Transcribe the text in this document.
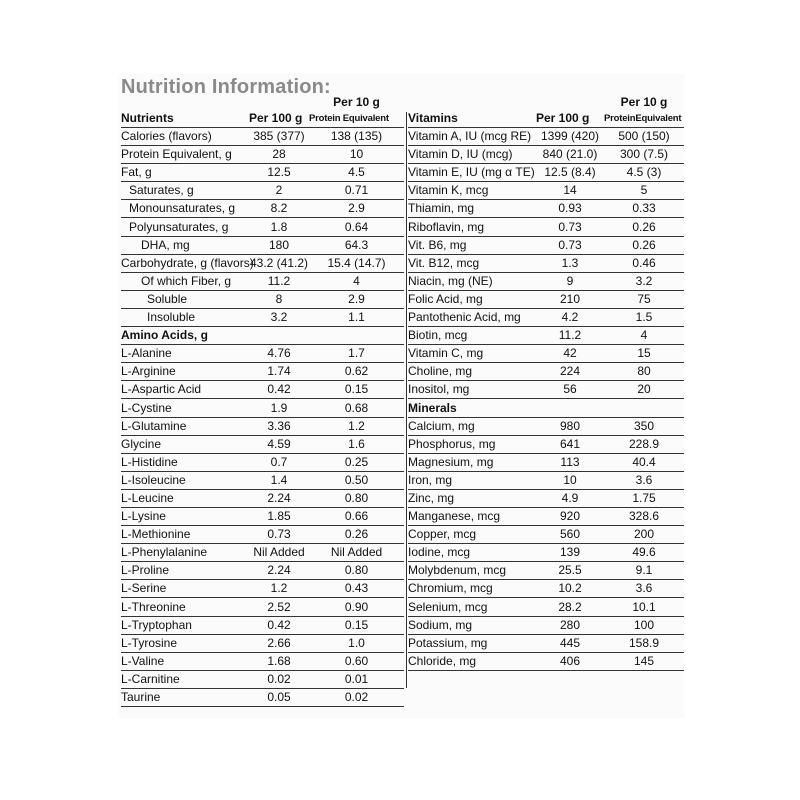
Nutrition Information:
		Per 10 g
Nutrients	Per 100 g	Protein Equivalent
Calories (flavors)	385 (377)	138 (135)
Protein Equivalent, g	28	10
Fat, g	12.5	4.5
Saturates, g	2	0.71
Monounsaturates, g	8.2	2.9
Polyunsaturates, g	1.8	0.64
DHA, mg	180	64.3
Carbohydrate, g (flavors)	43.2 (41.2)	15.4 (14.7)
Of which Fiber, g	11.2	4
Soluble	8	2.9
Insoluble	3.2	1.1
Amino Acids, g		
L-Alanine	4.76	1.7
L-Arginine	1.74	0.62
L-Aspartic Acid	0.42	0.15
L-Cystine	1.9	0.68
L-Glutamine	3.36	1.2
Glycine	4.59	1.6
L-Histidine	0.7	0.25
L-Isoleucine	1.4	0.50
L-Leucine	2.24	0.80
L-Lysine	1.85	0.66
L-Methionine	0.73	0.26
L-Phenylalanine	Nil Added	Nil Added
L-Proline	2.24	0.80
L-Serine	1.2	0.43
L-Threonine	2.52	0.90
L-Tryptophan	0.42	0.15
L-Tyrosine	2.66	1.0
L-Valine	1.68	0.60
L-Carnitine	0.02	0.01
Taurine	0.05	0.02
		Per 10 g
Vitamins	Per 100 g	ProteinEquivalent
Vitamin A, IU (mcg RE)	1399 (420)	500 (150)
Vitamin D, IU (mcg)	840 (21.0)	300 (7.5)
Vitamin E, IU (mg α TE)	12.5 (8.4)	4.5 (3)
Vitamin K, mcg	14	5
Thiamin, mg	0.93	0.33
Riboflavin, mg	0.73	0.26
Vit. B6, mg	0.73	0.26
Vit. B12, mcg	1.3	0.46
Niacin, mg (NE)	9	3.2
Folic Acid, mg	210	75
Pantothenic Acid, mg	4.2	1.5
Biotin, mcg	11.2	4
Vitamin C, mg	42	15
Choline, mg	224	80
Inositol, mg	56	20
Minerals		
Calcium, mg	980	350
Phosphorus, mg	641	228.9
Magnesium, mg	113	40.4
Iron, mg	10	3.6
Zinc, mg	4.9	1.75
Manganese, mcg	920	328.6
Copper, mcg	560	200
Iodine, mcg	139	49.6
Molybdenum, mcg	25.5	9.1
Chromium, mcg	10.2	3.6
Selenium, mcg	28.2	10.1
Sodium, mg	280	100
Potassium, mg	445	158.9
Chloride, mg	406	145
